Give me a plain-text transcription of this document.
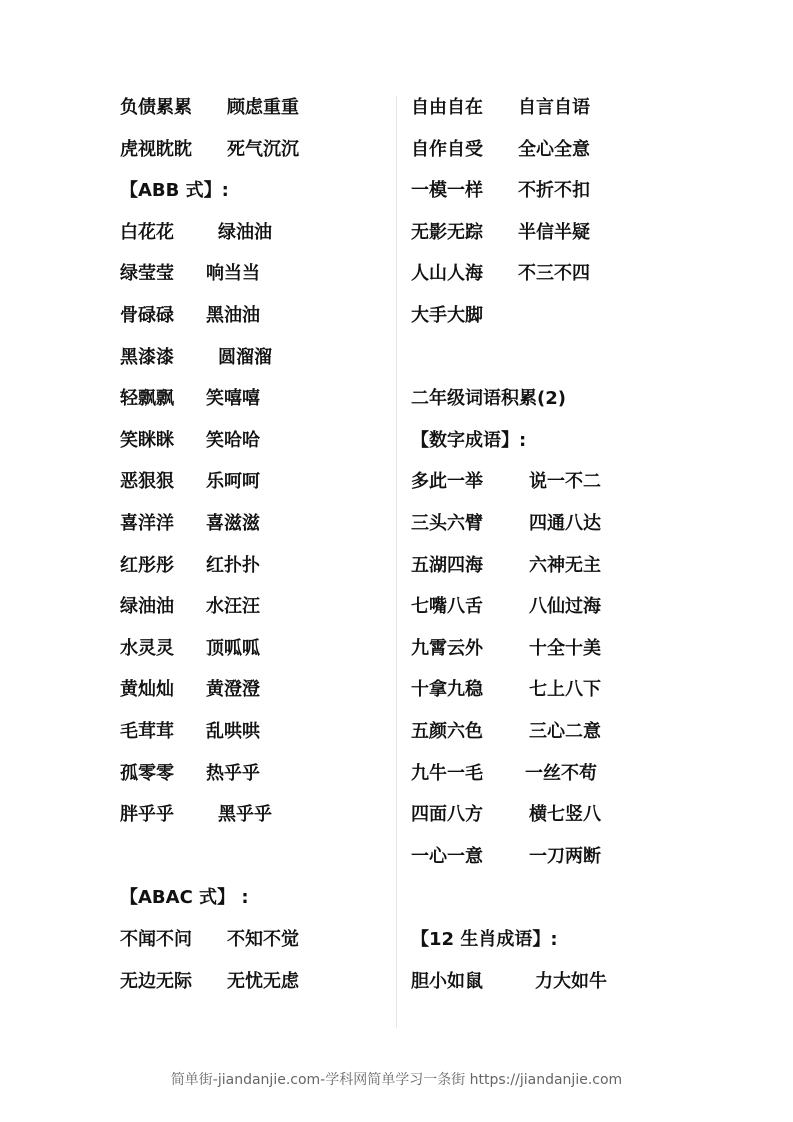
负债累累 顾虑重重
虎视眈眈 死气沉沉
【ABB 式】:
白花花 绿油油
绿莹莹 响当当
骨碌碌 黑油油
黑漆漆 圆溜溜
轻飘飘 笑嘻嘻
笑眯眯 笑哈哈
恶狠狠 乐呵呵
喜洋洋 喜滋滋
红彤彤 红扑扑
绿油油 水汪汪
水灵灵 顶呱呱
黄灿灿 黄澄澄
毛茸茸 乱哄哄
孤零零 热乎乎
胖乎乎 黑乎乎
【ABAC 式】 :
不闻不问 不知不觉
无边无际 无忧无虑
自由自在 自言自语
自作自受 全心全意
一模一样 不折不扣
无影无踪 半信半疑
人山人海 不三不四
大手大脚
二年级词语积累(2)
【数字成语】:
多此一举	说一不二
三头六臂	四通八达
五湖四海	六神无主
七嘴八舌	八仙过海
九霄云外	十全十美
十拿九稳	七上八下
五颜六色	三心二意
九牛一毛 一丝不苟
四面八方	横七竖八
一心一意	一刀两断
【12 生肖成语】:
胆小如鼠	力大如牛
简单街-jiandanjie.com-学科网简单学习一条街 https://jiandanjie.com
